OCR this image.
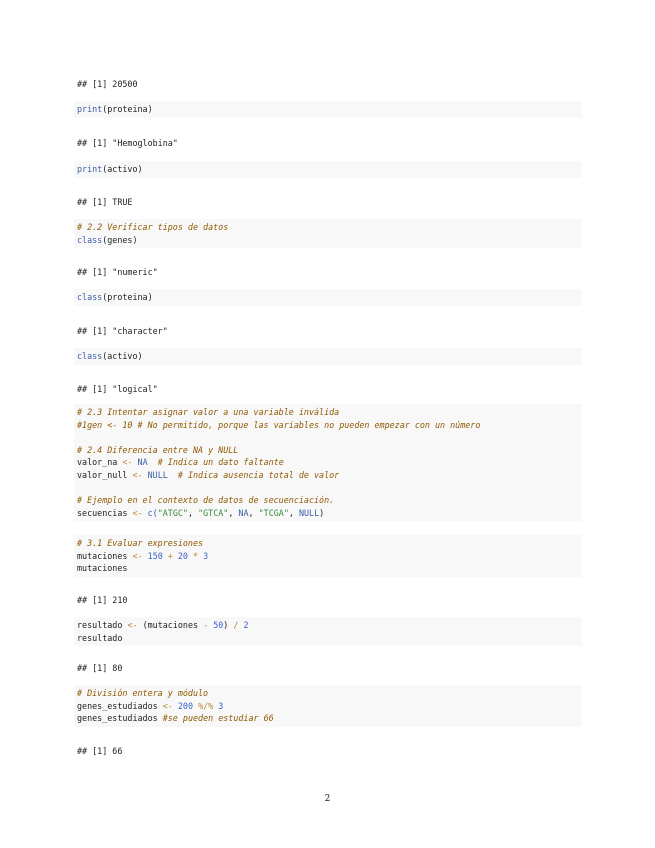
## [1] 20500
print(proteina)
## [1] "Hemoglobina"
print(activo)
## [1] TRUE
# 2.2 Verificar tipos de datos
class(genes)
## [1] "numeric"
class(proteina)
## [1] "character"
class(activo)
## [1] "logical"
# 2.3 Intentar asignar valor a una variable inválida
#1gen <- 10 # No permitido, porque las variables no pueden empezar con un número

# 2.4 Diferencia entre NA y NULL
valor_na <- NA # Indica un dato faltante
valor_null <- NULL # Indica ausencia total de valor

# Ejemplo en el contexto de datos de secuenciación.
secuencias <- c("ATGC", "GTCA", NA, "TCGA", NULL)
# 3.1 Evaluar expresiones
mutaciones <- 150 + 20 * 3
mutaciones
## [1] 210
resultado <- (mutaciones - 50) / 2
resultado
## [1] 80
# División entera y módulo
genes_estudiados <- 200 %/% 3
genes_estudiados #se pueden estudiar 66
## [1] 66
2
